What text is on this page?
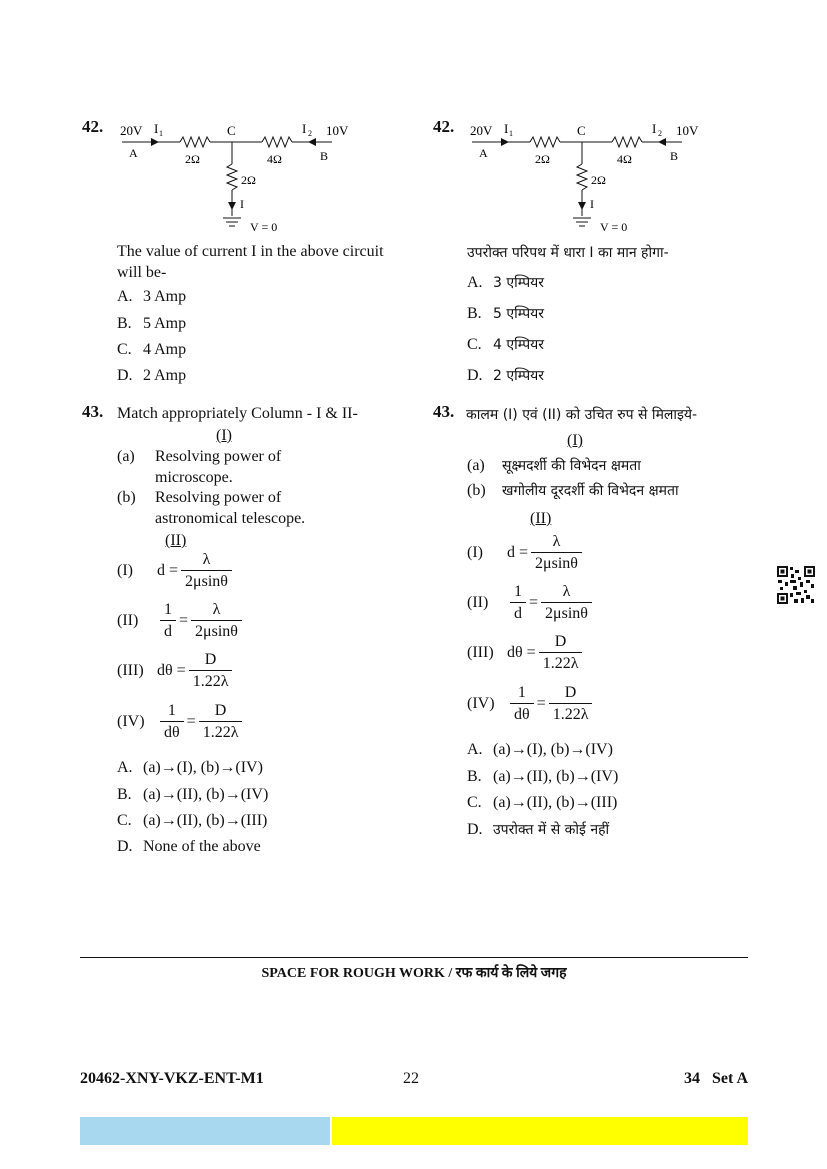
42. 20V I 1
A
C	I 2 10V
B
2Ω	4Ω
2Ω
I
V = 0
The value of current I in the above circuit will be-
A. 3 Amp
B. 5 Amp
C. 4 Amp
D. 2 Amp
43. Match appropriately Column - I & II-
(I)
(a) Resolving power of microscope.
(b) Resolving power of astronomical telescope.
(II)
(I)	$d = \frac{\lambda}{2\mu\sin\theta}$
(II)	$\frac{1}{d} = \frac{\lambda}{2\mu\sin\theta}$
(III) $d\theta = \frac{D}{1.22\lambda}$
$(IV) \frac{1}{d\theta} = \frac{D}{1.22\lambda}$
A. (a)→(I), (b)→(IV)
B. (a)→(II), (b)→(IV)
C. (a)→(II), (b)→(III)
D. None of the above
42. 20V I 1
A
C	I 2 10V
B
2Ω	4Ω
2Ω
I
V = 0
उपरोक्त परिपथ में धारा I का मान होगा-
A. 3 एम्पियर
B. 5 एम्पियर
C. 4 एम्पियर
D. 2 एम्पियर
43. कालम (I) एवं (II) को उचित रुप से मिलाइये-
(I)
(a) सूक्ष्मदर्शी की विभेदन क्षमता
(b) खगोलीय दूरदर्शी की विभेदन क्षमता
(II)
(I)	$d = \frac{\lambda}{2\mu\sin\theta}$
(II)	$\frac{1}{d} = \frac{\lambda}{2\mu\sin\theta}$
(III) $d\theta = \frac{D}{1.22\lambda}$
$(IV) \frac{1}{d\theta} = \frac{D}{1.22\lambda}$
A. (a)→(I), (b)→(IV)
B. (a)→(II), (b)→(IV)
C. (a)→(II), (b)→(III)
D. उपरोक्त में से कोई नहीं
SPACE FOR ROUGH WORK / रफ कार्य के लिये जगह
20462-XNY-VKZ-ENT-M1	22	34   Set A
